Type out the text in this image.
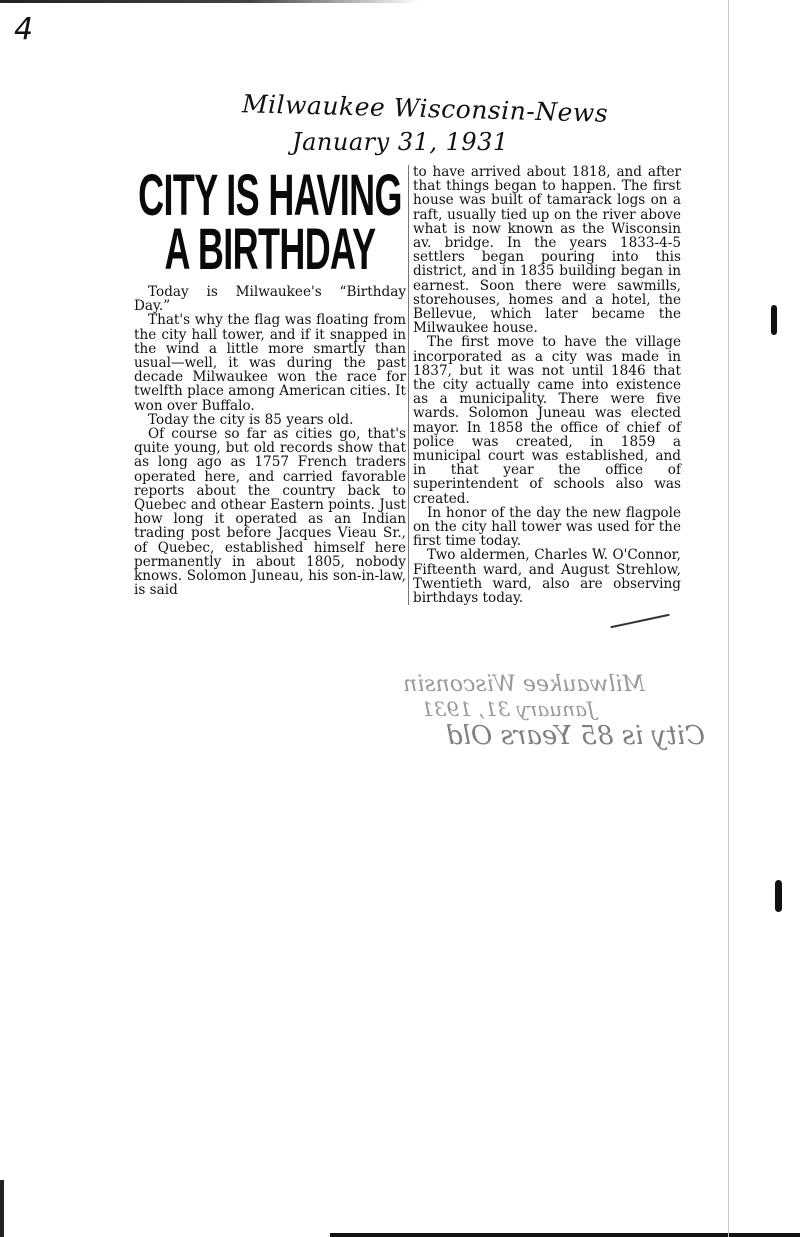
4
Milwaukee Wisconsin-News
January 31, 1931
CITY IS HAVING
A BIRTHDAY

Today is Milwaukee's “Birthday Day.”

That's why the flag was floating from the city hall tower, and if it snapped in the wind a little more smartly than usual—well, it was during the past decade Milwaukee won the race for twelfth place among American cities. It won over Buffalo.

Today the city is 85 years old.

Of course so far as cities go, that's quite young, but old records show that as long ago as 1757 French traders operated here, and carried favorable reports about the country back to Quebec and othear Eastern points. Just how long it operated as an Indian trading post before Jacques Vieau Sr., of Quebec, established himself here permanently in about 1805, nobody knows. Solomon Juneau, his son-in-law, is said

to have arrived about 1818, and after that things began to happen. The first house was built of tamarack logs on a raft, usually tied up on the river above what is now known as the Wisconsin av. bridge. In the years 1833-4-5 settlers began pouring into this district, and in 1835 building began in earnest. Soon there were sawmills, storehouses, homes and a hotel, the Bellevue, which later became the Milwaukee house.

The first move to have the village incorporated as a city was made in 1837, but it was not until 1846 that the city actually came into existence as a municipality. There were five wards. Solomon Juneau was elected mayor. In 1858 the office of chief of police was created, in 1859 a municipal court was established, and in that year the office of superintendent of schools also was created.

In honor of the day the new flagpole on the city hall tower was used for the first time today.

Two aldermen, Charles W. O'Connor, Fifteenth ward, and August Strehlow, Twentieth ward, also are observing birthdays today.

Milwaukee Wisconsin
January 31, 1931
City is 85 Years Old
